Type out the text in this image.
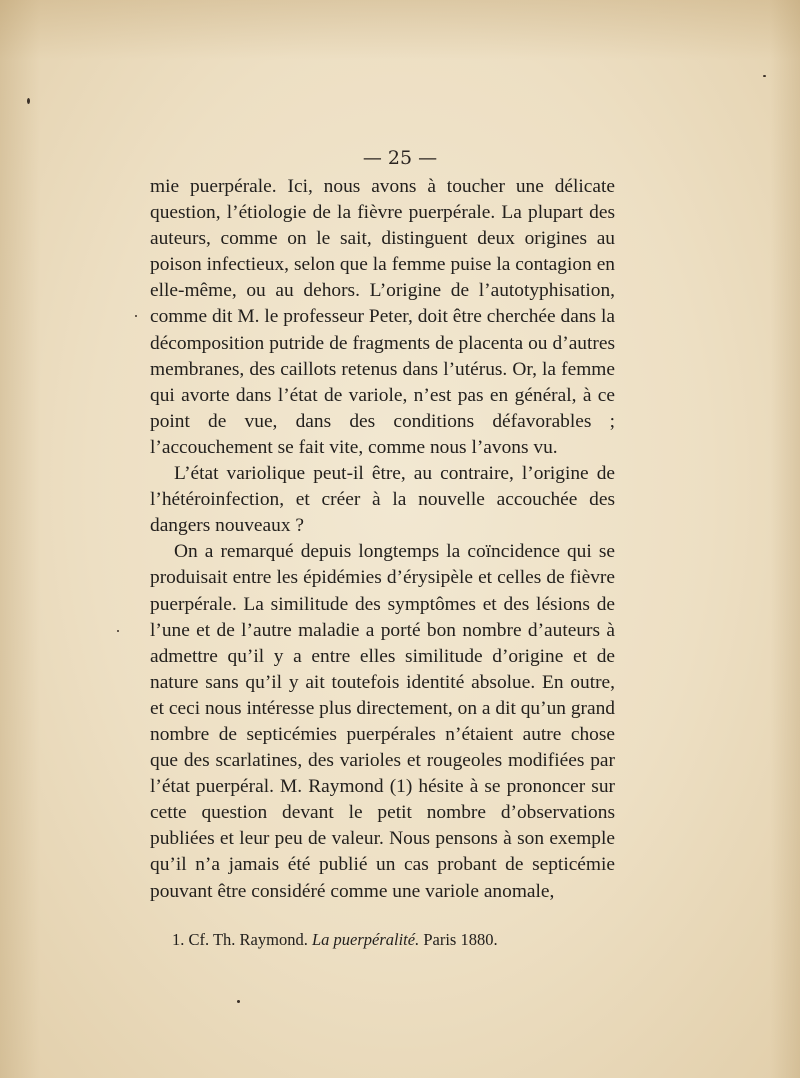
— 25 —

mie puerpérale. Ici, nous avons à toucher une délicate question, l’étiologie de la fièvre puerpérale. La plupart des auteurs, comme on le sait, distinguent deux origines au poison infectieux, selon que la femme puise la contagion en elle-même, ou au dehors. L’origine de l’autotyphisation, comme dit M. le professeur Peter, doit être cherchée dans la décomposition putride de fragments de placenta ou d’autres membranes, des caillots retenus dans l’utérus. Or, la femme qui avorte dans l’état de variole, n’est pas en général, à ce point de vue, dans des conditions défavorables ; l’accouchement se fait vite, comme nous l’avons vu.

L’état variolique peut-il être, au contraire, l’origine de l’hétéroinfection, et créer à la nouvelle accouchée des dangers nouveaux ?

On a remarqué depuis longtemps la coïncidence qui se produisait entre les épidémies d’érysipèle et celles de fièvre puerpérale. La similitude des symptômes et des lésions de l’une et de l’autre maladie a porté bon nombre d’auteurs à admettre qu’il y a entre elles similitude d’origine et de nature sans qu’il y ait toutefois identité absolue. En outre, et ceci nous intéresse plus directement, on a dit qu’un grand nombre de septicémies puerpérales n’étaient autre chose que des scarlatines, des varioles et rougeoles modifiées par l’état puerpéral. M. Raymond (1) hésite à se prononcer sur cette question devant le petit nombre d’observations publiées et leur peu de valeur. Nous pensons à son exemple qu’il n’a jamais été publié un cas probant de septicémie pouvant être considéré comme une variole anomale,

1. Cf. Th. Raymond. La puerpéralité. Paris 1880.
